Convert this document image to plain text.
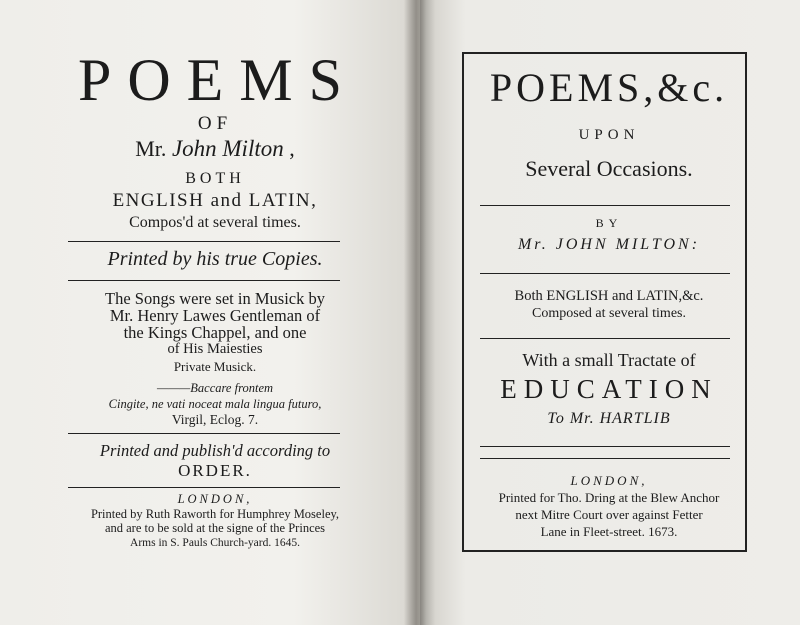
POEMS
OF
Mr. John Milton ,
BOTH
ENGLISH and LATIN,
Compos'd at several times.
Printed by his true Copies.
The Songs were set in Musick by
Mr. Henry Lawes Gentleman of
the Kings Chappel, and one
of His Maiesties
Private Musick.
———Baccare frontem
Cingite, ne vati noceat mala lingua futuro,
Virgil, Eclog. 7.
Printed and publish'd according to
ORDER.
LONDON,
Printed by Ruth Raworth for Humphrey Moseley,
and are to be sold at the signe of the Princes
Arms in S. Pauls Church-yard. 1645.
POEMS,&c.
UPON
Several Occasions.
BY
Mr. JOHN MILTON:
Both ENGLISH and LATIN,&c.
Composed at several times.
With a small Tractate of
EDUCATION
To Mr. HARTLIB
LONDON,
Printed for Tho. Dring at the Blew Anchor
next Mitre Court over against Fetter
Lane in Fleet-street. 1673.
